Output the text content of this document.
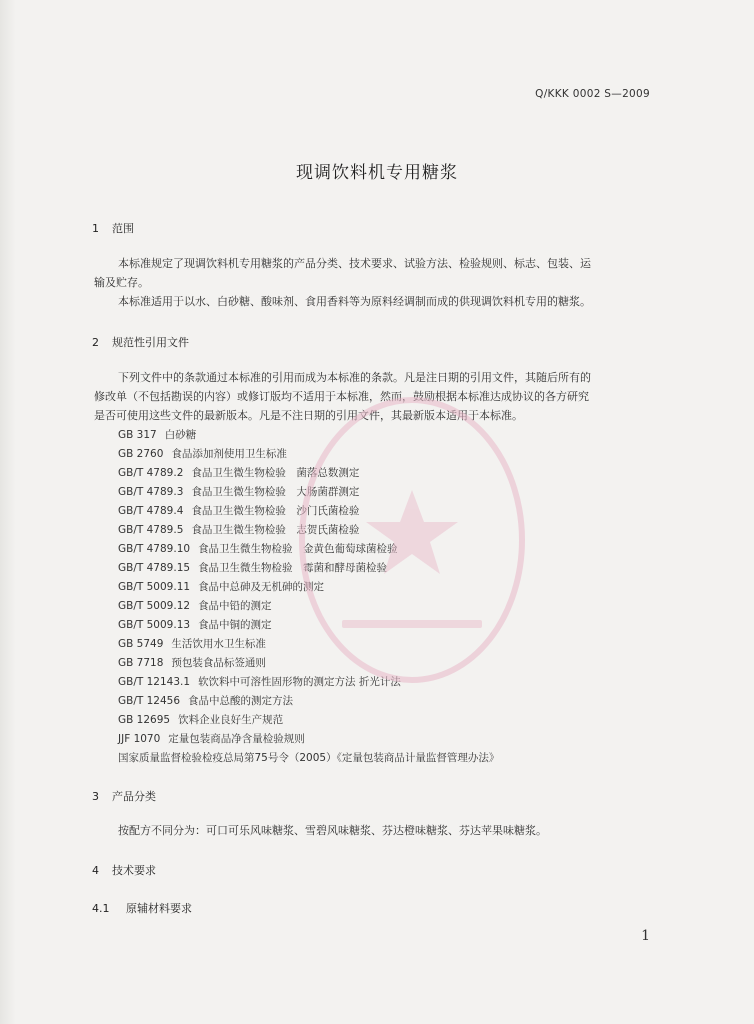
Q/KKK 0002 S—2009
现调饮料机专用糖浆
1 范围
本标准规定了现调饮料机专用糖浆的产品分类、技术要求、试验方法、检验规则、标志、包装、运
输及贮存。
本标准适用于以水、白砂糖、酸味剂、食用香料等为原料经调制而成的供现调饮料机专用的糖浆。
2 规范性引用文件
下列文件中的条款通过本标准的引用而成为本标准的条款。凡是注日期的引用文件，其随后所有的
修改单（不包括勘误的内容）或修订版均不适用于本标准，然而，鼓励根据本标准达成协议的各方研究
是否可使用这些文件的最新版本。凡是不注日期的引用文件，其最新版本适用于本标准。
GB 317 白砂糖
GB 2760 食品添加剂使用卫生标准
GB/T 4789.2 食品卫生微生物检验　菌落总数测定
GB/T 4789.3 食品卫生微生物检验　大肠菌群测定
GB/T 4789.4 食品卫生微生物检验　沙门氏菌检验
GB/T 4789.5 食品卫生微生物检验　志贺氏菌检验
GB/T 4789.10 食品卫生微生物检验　金黄色葡萄球菌检验
GB/T 4789.15 食品卫生微生物检验　霉菌和酵母菌检验
GB/T 5009.11 食品中总砷及无机砷的测定
GB/T 5009.12 食品中铅的测定
GB/T 5009.13 食品中铜的测定
GB 5749 生活饮用水卫生标准
GB 7718 预包装食品标签通则
GB/T 12143.1 软饮料中可溶性固形物的测定方法 折光计法
GB/T 12456 食品中总酸的测定方法
GB 12695 饮料企业良好生产规范
JJF 1070 定量包装商品净含量检验规则
国家质量监督检验检疫总局第75号令（2005）《定量包装商品计量监督管理办法》
3 产品分类
按配方不同分为：可口可乐风味糖浆、雪碧风味糖浆、芬达橙味糖浆、芬达苹果味糖浆。
4 技术要求
4.1 原辅材料要求
1
